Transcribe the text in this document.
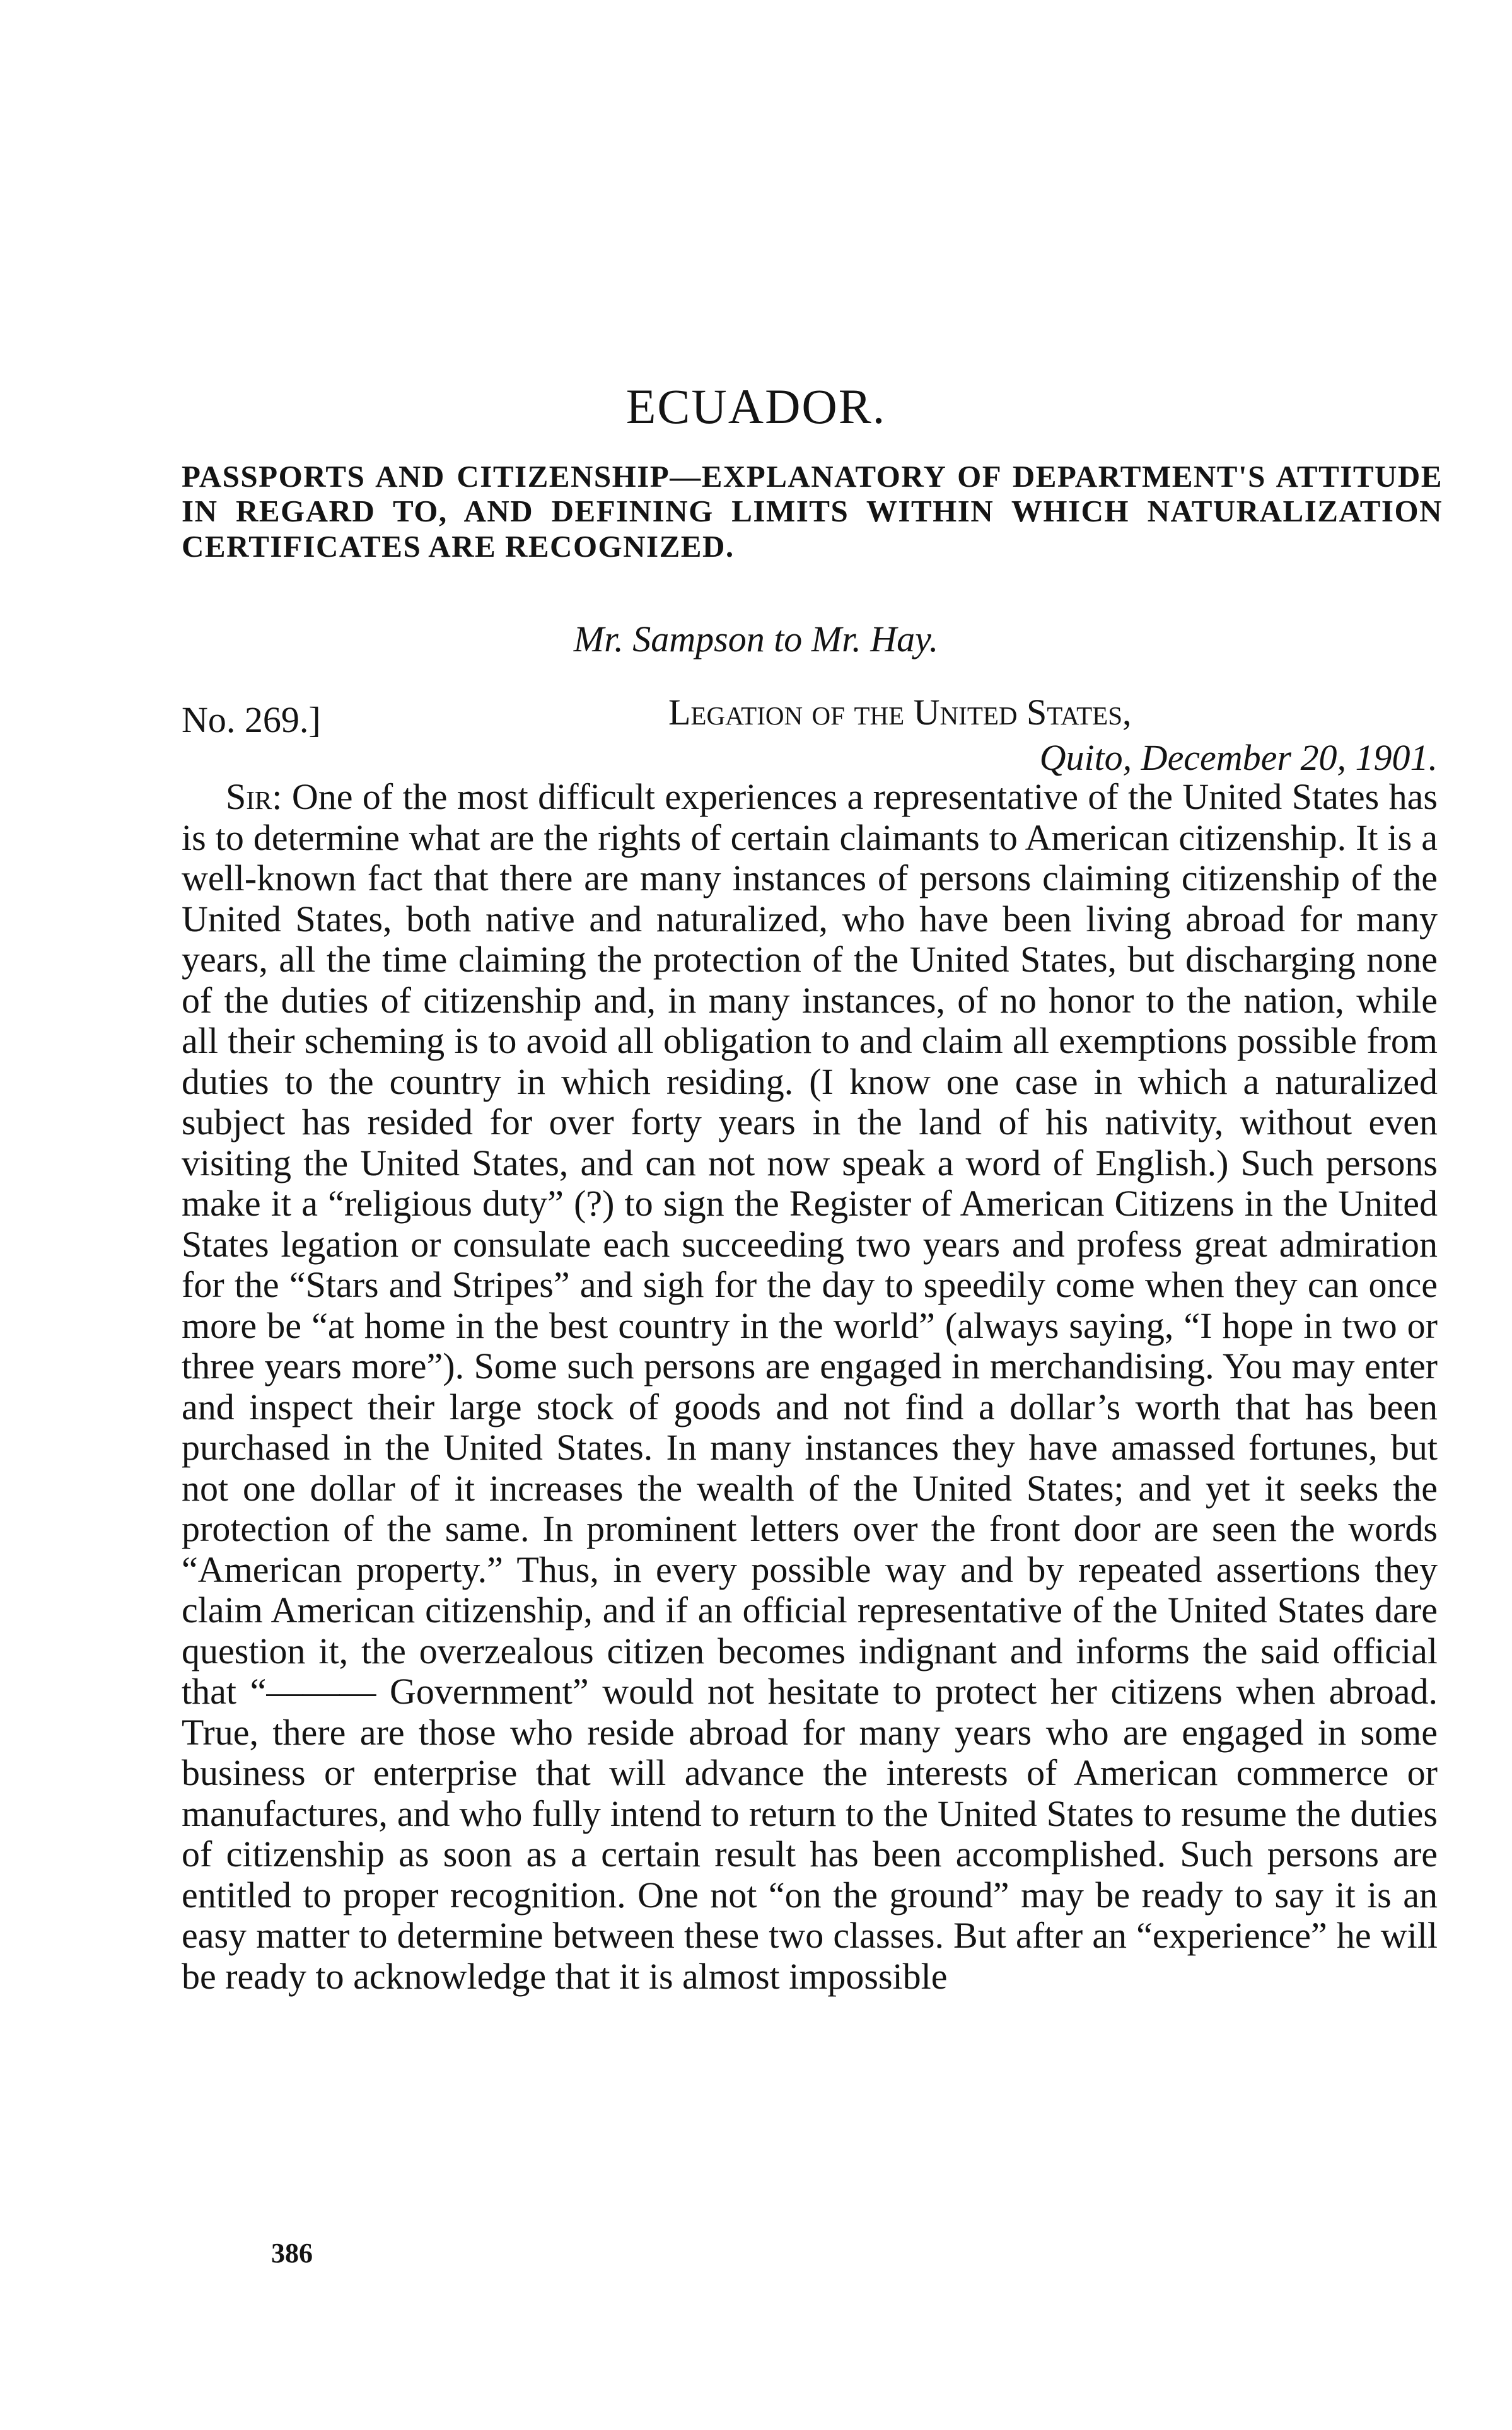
ECUADOR.
PASSPORTS AND CITIZENSHIP—EXPLANATORY OF DEPARTMENT'S ATTITUDE IN REGARD TO, AND DEFINING LIMITS WITHIN WHICH NATURALIZATION CERTIFICATES ARE RECOGNIZED.

Mr. Sampson to Mr. Hay.

No. 269.]	Legation of the United States,

Quito, December 20, 1901.

Sir: One of the most difficult experiences a representative of the United States has is to determine what are the rights of certain claimants to American citizenship. It is a well-known fact that there are many instances of persons claiming citizenship of the United States, both native and naturalized, who have been living abroad for many years, all the time claiming the protection of the United States, but discharging none of the duties of citizenship and, in many instances, of no honor to the nation, while all their scheming is to avoid all obligation to and claim all exemptions possible from duties to the country in which residing. (I know one case in which a naturalized subject has resided for over forty years in the land of his nativity, without even visiting the United States, and can not now speak a word of English.) Such persons make it a “religious duty” (?) to sign the Register of American Citizens in the United States legation or consulate each succeeding two years and profess great admiration for the “Stars and Stripes” and sigh for the day to speedily come when they can once more be “at home in the best country in the world” (always saying, “I hope in two or three years more”). Some such persons are engaged in merchandising. You may enter and inspect their large stock of goods and not find a dollar’s worth that has been purchased in the United States. In many instances they have amassed fortunes, but not one dollar of it increases the wealth of the United States; and yet it seeks the protection of the same. In prominent letters over the front door are seen the words “American property.” Thus, in every possible way and by repeated assertions they claim American citizenship, and if an official representative of the United States dare question it, the overzealous citizen becomes indignant and informs the said official that “——— Government” would not hesitate to protect her citizens when abroad. True, there are those who reside abroad for many years who are engaged in some business or enterprise that will advance the interests of American commerce or manufactures, and who fully intend to return to the United States to resume the duties of citizenship as soon as a certain result has been accomplished. Such persons are entitled to proper recognition. One not “on the ground” may be ready to say it is an easy matter to determine between these two classes. But after an “experience” he will be ready to acknowledge that it is almost impossible

386
